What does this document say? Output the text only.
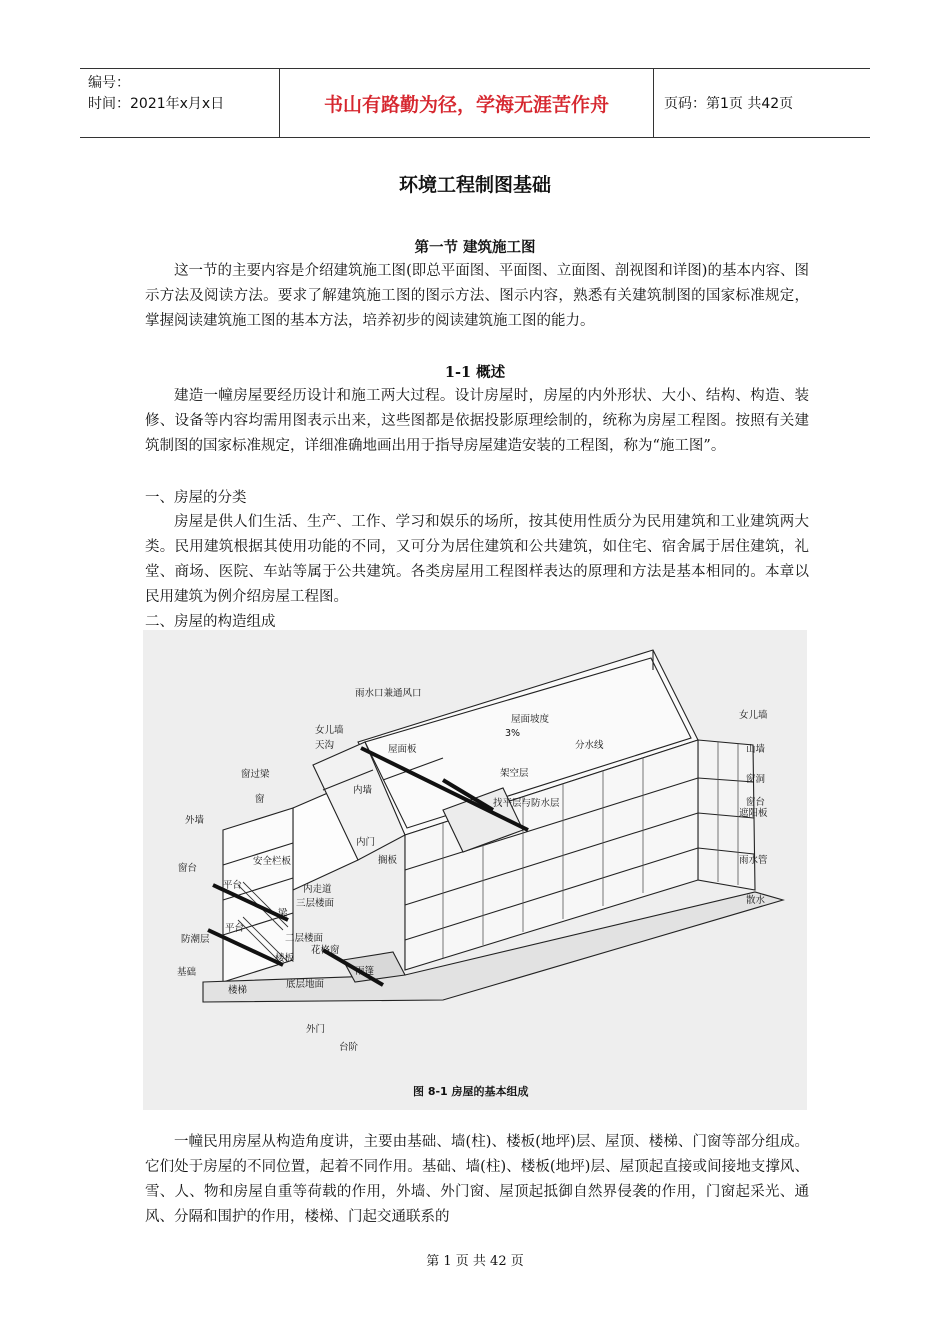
编号：
时间：2021年x月x日	书山有路勤为径，学海无涯苦作舟	页码：第1页 共42页
环境工程制图基础
第一节 建筑施工图

这一节的主要内容是介绍建筑施工图(即总平面图、平面图、立面图、剖视图和详图)的基本内容、图示方法及阅读方法。要求了解建筑施工图的图示方法、图示内容，熟悉有关建筑制图的国家标准规定，掌握阅读建筑施工图的基本方法，培养初步的阅读建筑施工图的能力。

1-1 概述

建造一幢房屋要经历设计和施工两大过程。设计房屋时，房屋的内外形状、大小、结构、构造、装修、设备等内容均需用图表示出来，这些图都是依据投影原理绘制的，统称为房屋工程图。按照有关建筑制图的国家标准规定，详细准确地画出用于指导房屋建造安装的工程图，称为“施工图”。

一、房屋的分类

房屋是供人们生活、生产、工作、学习和娱乐的场所，按其使用性质分为民用建筑和工业建筑两大类。民用建筑根据其使用功能的不同，又可分为居住建筑和公共建筑，如住宅、宿舍属于居住建筑，礼堂、商场、医院、车站等属于公共建筑。各类房屋用工程图样表达的原理和方法是基本相同的。本章以民用建筑为例介绍房屋工程图。

二、房屋的构造组成

雨水口兼通风口
屋面坡度
3%
女儿墙
天沟	屋面板	分水线
女儿墙
山墙
窗过梁
窗
内墙
架空层
找平层与防水层
窗洞
窗台
遮阳板
外墙
内门
安全栏板	搁板
窗台
雨水管
平台	内走道
三层楼面	散水
梁
平台
防潮层	二层楼面
花格窗
楼板
基础	雨篷
楼梯
底层地面
外门
台阶
图 8-1 房屋的基本组成

一幢民用房屋从构造角度讲，主要由基础、墙(柱)、楼板(地坪)层、屋顶、楼梯、门窗等部分组成。它们处于房屋的不同位置，起着不同作用。基础、墙(柱)、楼板(地坪)层、屋顶起直接或间接地支撑风、雪、人、物和房屋自重等荷载的作用，外墙、外门窗、屋顶起抵御自然界侵袭的作用，门窗起采光、通风、分隔和围护的作用，楼梯、门起交通联系的

第 1 页 共 42 页
